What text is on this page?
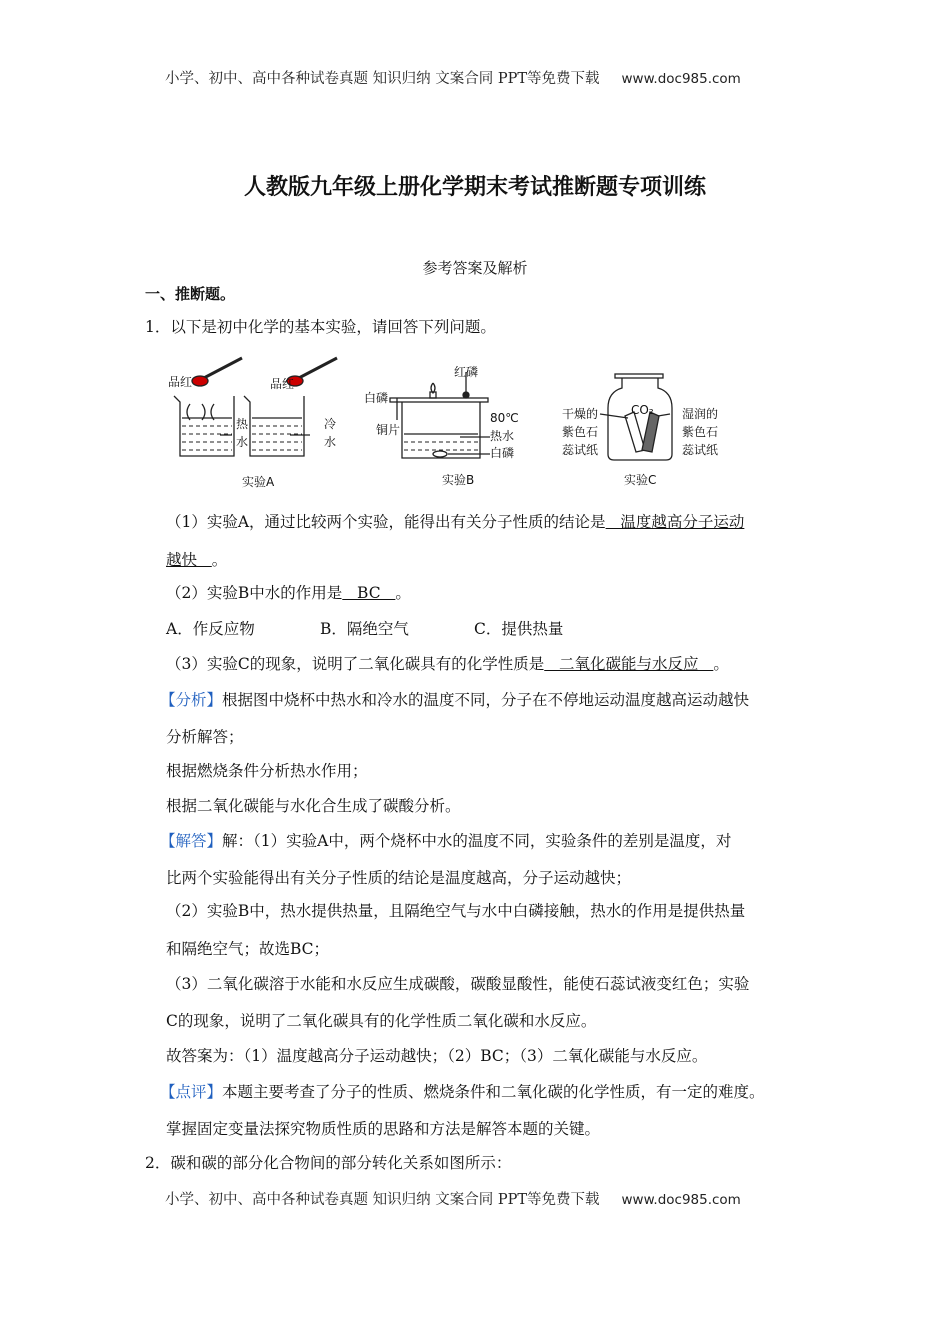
小学、初中、高中各种试卷真题 知识归纳 文案合同 PPT等免费下载 www.doc985.com
人教版九年级上册化学期末考试推断题专项训练
参考答案及解析
一、推断题。
1．以下是初中化学的基本实验，请回答下列问题。
品红	品红
热
水
冷
水
实验A
红磷
白磷
铜片
80℃
热水
白磷
实验B
CO₂
干燥的
紫色石
蕊试纸
湿润的
紫色石
蕊试纸
实验C
（1）实验A，通过比较两个实验，能得出有关分子性质的结论是   温度越高分子运动
越快   。
（2）实验B中水的作用是   BC   。
A．作反应物	B．隔绝空气	C．提供热量
（3）实验C的现象，说明了二氧化碳具有的化学性质是   二氧化碳能与水反应   。
【分析】根据图中烧杯中热水和冷水的温度不同，分子在不停地运动温度越高运动越快
分析解答；
根据燃烧条件分析热水作用；
根据二氧化碳能与水化合生成了碳酸分析。
【解答】解：（1）实验A中，两个烧杯中水的温度不同，实验条件的差别是温度，对
比两个实验能得出有关分子性质的结论是温度越高，分子运动越快；
（2）实验B中，热水提供热量，且隔绝空气与水中白磷接触，热水的作用是提供热量
和隔绝空气；故选BC；
（3）二氧化碳溶于水能和水反应生成碳酸，碳酸显酸性，能使石蕊试液变红色；实验
C的现象，说明了二氧化碳具有的化学性质二氧化碳和水反应。
故答案为：（1）温度越高分子运动越快；（2）BC；（3）二氧化碳能与水反应。
【点评】本题主要考查了分子的性质、燃烧条件和二氧化碳的化学性质，有一定的难度。
掌握固定变量法探究物质性质的思路和方法是解答本题的关键。
2．碳和碳的部分化合物间的部分转化关系如图所示：
小学、初中、高中各种试卷真题 知识归纳 文案合同 PPT等免费下载 www.doc985.com
